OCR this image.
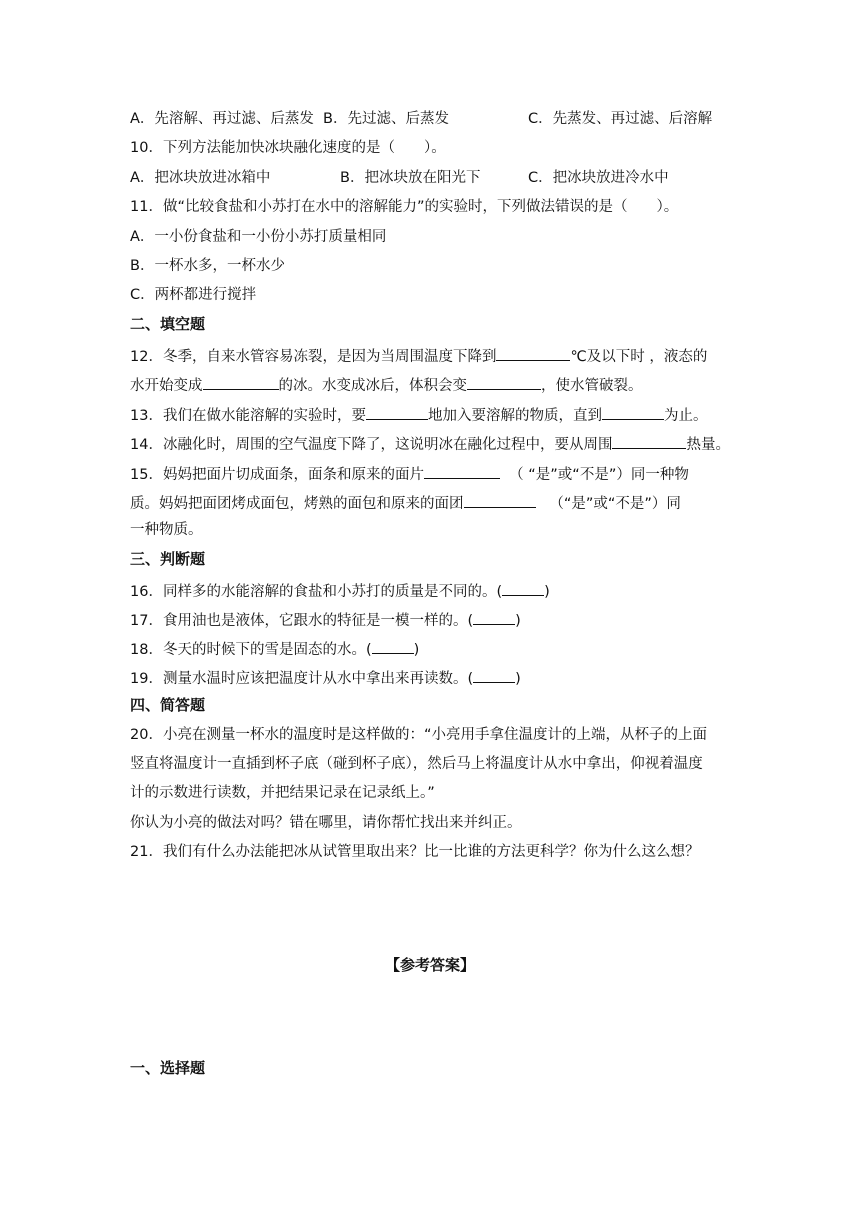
A．先溶解、再过滤、后蒸发 B．先过滤、后蒸发	C．先蒸发、再过滤、后溶解
10．下列方法能加快冰块融化速度的是（　　）。
A．把冰块放进冰箱中	B．把冰块放在阳光下	C．把冰块放进冷水中
11．做“比较食盐和小苏打在水中的溶解能力”的实验时，下列做法错误的是（　　）。
A．一小份食盐和一小份小苏打质量相同
B．一杯水多，一杯水少
C．两杯都进行搅拌
二、填空题
12．冬季，自来水管容易冻裂，是因为当周围温度下降到	℃及以下时 ，液态的
水开始变成	的冰。水变成冰后，体积会变	，使水管破裂。
13．我们在做水能溶解的实验时，要	地加入要溶解的物质，直到	为止。
14．冰融化时，周围的空气温度下降了，这说明冰在融化过程中，要从周围	热量。
15．妈妈把面片切成面条，面条和原来的面片	（ “是”或“不是”）同一种物
质。妈妈把面团烤成面包，烤熟的面包和原来的面团	（“是”或“不是”）同
一种物质。
三、判断题
16．同样多的水能溶解的食盐和小苏打的质量是不同的。(	)
17．食用油也是液体，它跟水的特征是一模一样的。(	)
18．冬天的时候下的雪是固态的水。(	)
19．测量水温时应该把温度计从水中拿出来再读数。(	)
四、简答题
20．小亮在测量一杯水的温度时是这样做的：“小亮用手拿住温度计的上端，从杯子的上面
竖直将温度计一直插到杯子底（碰到杯子底），然后马上将温度计从水中拿出，仰视着温度
计的示数进行读数，并把结果记录在记录纸上。”
你认为小亮的做法对吗？错在哪里，请你帮忙找出来并纠正。
21．我们有什么办法能把冰从试管里取出来？比一比谁的方法更科学？你为什么这么想？
【参考答案】
一、选择题
